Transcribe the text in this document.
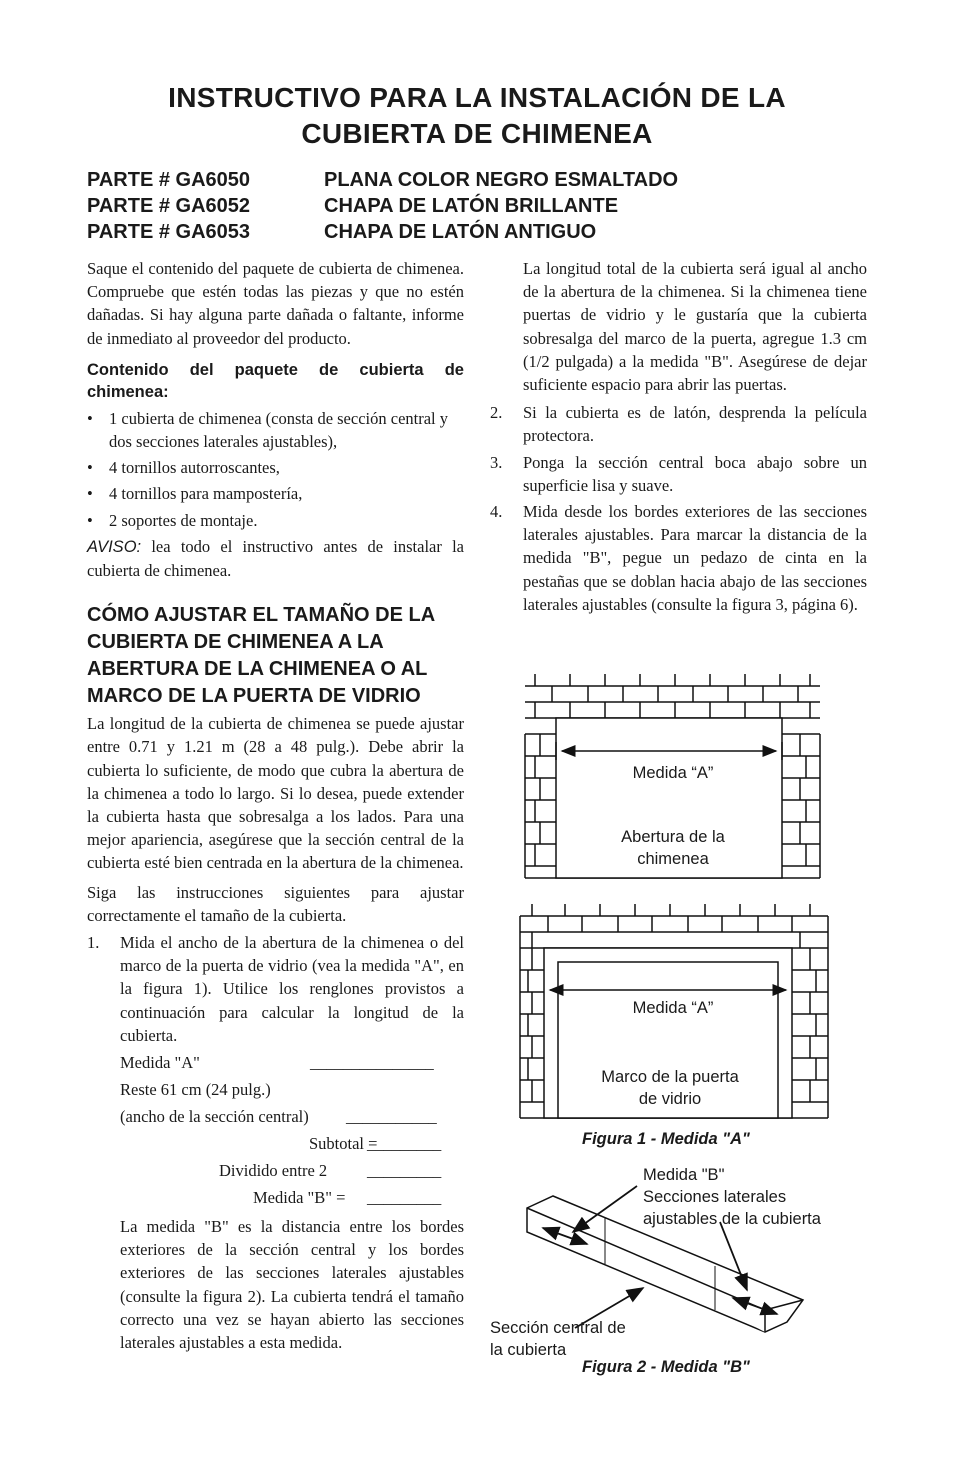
INSTRUCTIVO PARA LA INSTALACIÓN DE LA
CUBIERTA DE CHIMENEA
PARTE # GA6050	PLANA COLOR NEGRO ESMALTADO
PARTE # GA6052	CHAPA DE LATÓN BRILLANTE
PARTE # GA6053	CHAPA DE LATÓN ANTIGUO

Saque el contenido del paquete de cubierta de chimenea. Compruebe que estén todas las piezas y que no estén dañadas. Si hay alguna parte dañada o faltante, informe de inmediato al proveedor del producto.

Contenido del paquete de cubierta de chimenea:

• 1 cubierta de chimenea (consta de sección central y dos secciones laterales ajustables),
• 4 tornillos autorroscantes,
• 4 tornillos para mampostería,
• 2 soportes de montaje.

AVISO: lea todo el instructivo antes de instalar la cubierta de chimenea.

CÓMO AJUSTAR EL TAMAÑO DE LA CUBIERTA DE CHIMENEA A LA ABERTURA DE LA CHIMENEA O AL MARCO DE LA PUERTA DE VIDRIO

La longitud de la cubierta de chimenea se puede ajustar entre 0.71 y 1.21 m (28 a 48 pulg.). Debe abrir la cubierta lo suficiente, de modo que cubra la abertura de la chimenea a todo lo largo. Si lo desea, puede extender la cubierta hasta que sobresalga a los lados. Para una mejor apariencia, asegúrese que la sección central de la cubierta esté bien centrada en la abertura de la chimenea.

Siga las instrucciones siguientes para ajustar correctamente el tamaño de la cubierta.

1. Mida el ancho de la abertura de la chimenea o del marco de la puerta de vidrio (vea la medida "A", en la figura 1). Utilice los renglones provistos a continuación para calcular la longitud de la cubierta.

Medida "A"	_______________
Reste 61 cm (24 pulg.)
(ancho de la sección central) ___________
Subtotal =
_________
Dividido entre 2 _________
Medida "B" = _________

La medida "B" es la distancia entre los bordes exteriores de la sección central y los bordes exteriores de las secciones laterales ajustables (consulte la figura 2). La cubierta tendrá el tamaño correcto una vez se hayan abierto las secciones laterales ajustables a esta medida.

La longitud total de la cubierta será igual al ancho de la abertura de la chimenea. Si la chimenea tiene puertas de vidrio y le gustaría que la cubierta sobresalga del marco de la puerta, agregue 1.3 cm (1/2 pulgada) a la medida "B". Asegúrese de dejar suficiente espacio para abrir las puertas.

2. Si la cubierta es de latón, desprenda la película protectora.

3. Ponga la sección central boca abajo sobre un superficie lisa y suave.

4. Mida desde los bordes exteriores de las secciones laterales ajustables. Para marcar la distancia de la medida "B", pegue un pedazo de cinta en la pestañas que se doblan hacia abajo de las secciones laterales ajustables (consulte la figura 3, página 6).

Medida “A”
Abertura de la
chimenea
Medida “A”
Marco de la puerta
de vidrio
Figura 1 - Medida "A"
Medida "B"
Secciones laterales
ajustables de la cubierta
Sección central de
la cubierta
Figura 2 - Medida "B"
